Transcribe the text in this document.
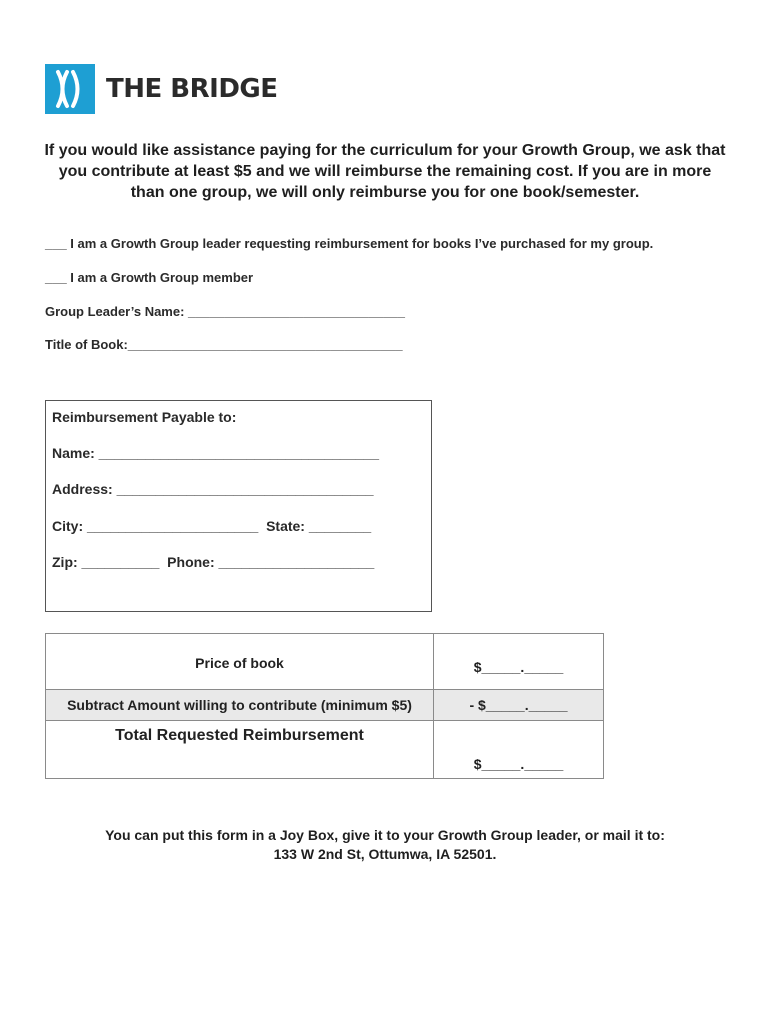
THE BRIDGE
If you would like assistance paying for the curriculum for your Growth Group, we ask that you contribute at least $5 and we will reimburse the remaining cost. If you are in more than one group, we will only reimburse you for one book/semester.
___ I am a Growth Group leader requesting reimbursement for books I’ve purchased for my group.
___ I am a Growth Group member
Group Leader’s Name: ______________________________
Title of Book:______________________________________
Reimbursement Payable to:
Name: ____________________________________
Address: _________________________________
City: ______________________  State: ________
Zip: __________  Phone: ____________________
Price of book	$_____._____
Subtract Amount willing to contribute (minimum $5)	- $_____._____
Total Requested Reimbursement	$_____._____
You can put this form in a Joy Box, give it to your Growth Group leader, or mail it to:
133 W 2nd St, Ottumwa, IA 52501.
